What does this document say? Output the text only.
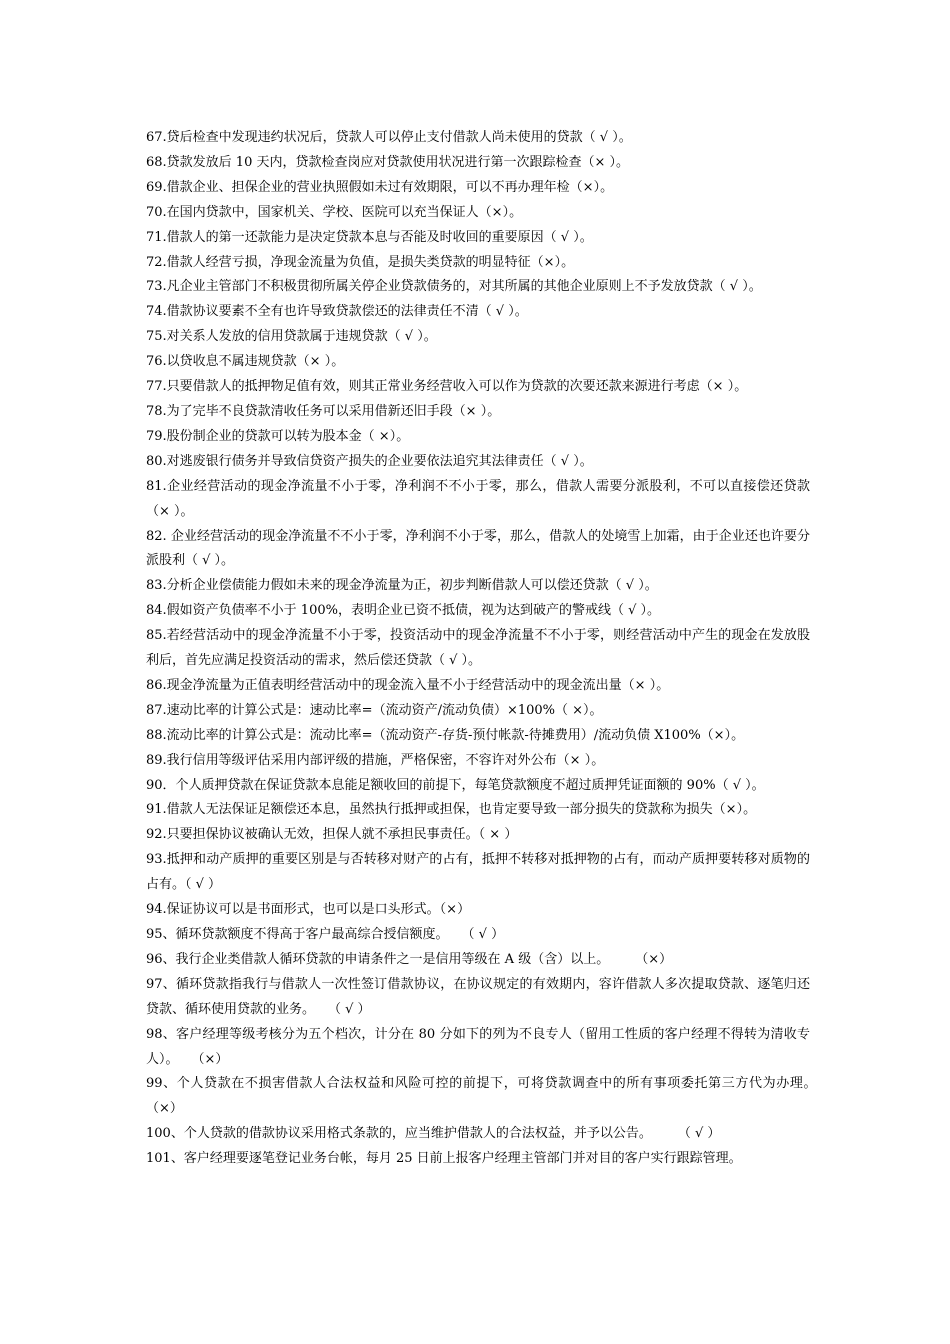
67.贷后检查中发现违约状况后，贷款人可以停止支付借款人尚未使用的贷款（ √ ）。

68.贷款发放后 10 天内，贷款检查岗应对贷款使用状况进行第一次跟踪检查（× ）。

69.借款企业、担保企业的营业执照假如未过有效期限，可以不再办理年检（×）。

70.在国内贷款中，国家机关、学校、医院可以充当保证人（×）。

71.借款人的第一还款能力是决定贷款本息与否能及时收回的重要原因（ √ ）。

72.借款人经营亏损，净现金流量为负值，是损失类贷款的明显特征（×）。

73.凡企业主管部门不积极贯彻所属关停企业贷款债务的，对其所属的其他企业原则上不予发放贷款（ √ ）。

74.借款协议要素不全有也许导致贷款偿还的法律责任不清（ √ ）。

75.对关系人发放的信用贷款属于违规贷款（ √ ）。

76.以贷收息不属违规贷款（× ）。

77.只要借款人的抵押物足值有效，则其正常业务经营收入可以作为贷款的次要还款来源进行考虑（× ）。

78.为了完毕不良贷款清收任务可以采用借新还旧手段（× ）。

79.股份制企业的贷款可以转为股本金（ ×）。

80.对逃废银行债务并导致信贷资产损失的企业要依法追究其法律责任（ √ ）。

81.企业经营活动的现金净流量不小于零，净利润不不小于零，那么，借款人需要分派股利，不可以直接偿还贷款（× ）。

82. 企业经营活动的现金净流量不不小于零，净利润不小于零，那么，借款人的处境雪上加霜，由于企业还也许要分派股利（ √ ）。

83.分析企业偿债能力假如未来的现金净流量为正，初步判断借款人可以偿还贷款（ √ ）。

84.假如资产负债率不小于 100%，表明企业已资不抵债，视为达到破产的警戒线（ √ ）。

85.若经营活动中的现金净流量不小于零，投资活动中的现金净流量不不小于零，则经营活动中产生的现金在发放股利后，首先应满足投资活动的需求，然后偿还贷款（ √ ）。

86.现金净流量为正值表明经营活动中的现金流入量不小于经营活动中的现金流出量（× ）。

87.速动比率的计算公式是：速动比率=（流动资产/流动负债）×100%（ ×）。

88.流动比率的计算公式是：流动比率=（流动资产-存货-预付帐款-待摊费用）/流动负债 X100%（×）。

89.我行信用等级评估采用内部评级的措施，严格保密，不容许对外公布（× ）。

90．个人质押贷款在保证贷款本息能足额收回的前提下，每笔贷款额度不超过质押凭证面额的 90%（ √ ）。

91.借款人无法保证足额偿还本息，虽然执行抵押或担保，也肯定要导致一部分损失的贷款称为损失（×）。

92.只要担保协议被确认无效，担保人就不承担民事责任。（ × ）

93.抵押和动产质押的重要区别是与否转移对财产的占有，抵押不转移对抵押物的占有，而动产质押要转移对质物的占有。（ √ ）

94.保证协议可以是书面形式，也可以是口头形式。（×）

95、循环贷款额度不得高于客户最高综合授信额度。　　（ √ ）

96、我行企业类借款人循环贷款的申请条件之一是信用等级在 A 级（含）以上。　　　（×）

97、循环贷款指我行与借款人一次性签订借款协议，在协议规定的有效期内，容许借款人多次提取贷款、逐笔归还贷款、循环使用贷款的业务。　　（ √ ）

98、客户经理等级考核分为五个档次，计分在 80 分如下的列为不良专人（留用工性质的客户经理不得转为清收专人）。　　（×）

99、个人贷款在不损害借款人合法权益和风险可控的前提下，可将贷款调查中的所有事项委托第三方代为办理。　（×）

100、个人贷款的借款协议采用格式条款的，应当维护借款人的合法权益，并予以公告。　　　（ √ ）

101、客户经理要逐笔登记业务台帐，每月 25 日前上报客户经理主管部门并对目的客户实行跟踪管理。
